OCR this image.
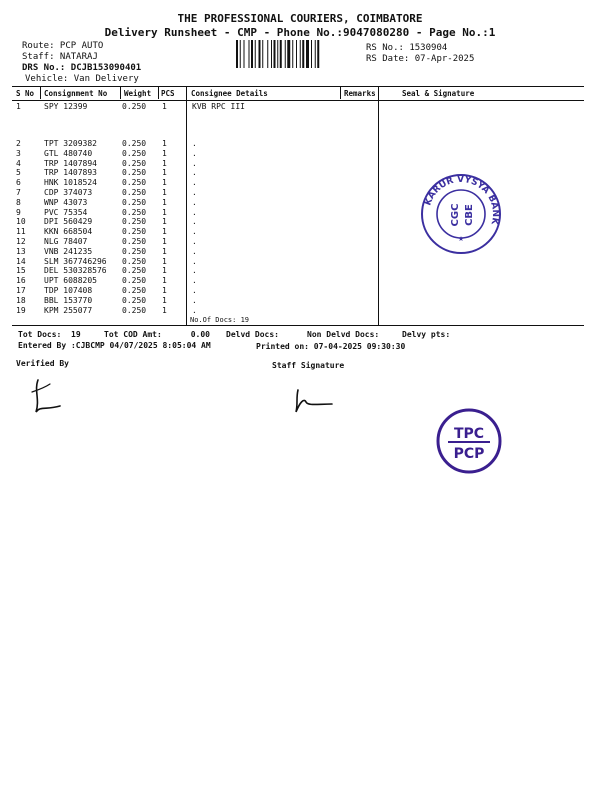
THE PROFESSIONAL COURIERS, COIMBATORE
Delivery Runsheet - CMP - Phone No.:9047080280 - Page No.:1
Route: PCP AUTO
Staff: NATARAJ
DRS No.: DCJB153090401
Vehicle: Van Delivery
RS No.: 1530904
RS Date: 07-Apr-2025
S No Consignment No Weight PCS Consignee Details	Remarks	Seal & Signature
1	SPY 12399	0.250 1	KVB RPC III
2	TPT 3209382	0.250 1	.
3	GTL 480740	0.250 1	.
4	TRP 1407894	0.250 1	.
5	TRP 1407893	0.250 1	.
6	HNK 1018524	0.250 1	.
7	CDP 374073	0.250 1	.
8	WNP 43073	0.250 1	.
9	PVC 75354	0.250 1	.
10 DPI 560429	0.250 1	.
11 KKN 668504	0.250 1	.
12 NLG 78407	0.250 1	.
13 VNB 241235	0.250 1	.
14 SLM 367746296 0.250 1	.
15 DEL 530328576 0.250 1	.
16 UPT 6088205	0.250 1	.
17 TDP 107408	0.250 1	.
18 BBL 153770	0.250 1	.
19 KPM 255077	0.250 1	.
No.Of Docs: 19
Tot Docs: 19	Tot COD Amt:	0.00 Delvd Docs:	Non Delvd Docs:	Delvy pts:
Entered By :CJBCMP 04/07/2025 8:05:04 AM	Printed on: 07-04-2025 09:30:30
Verified By	Staff Signature
KARUR VYSYA BANK
CGC CBE
★
TPC
PCP
